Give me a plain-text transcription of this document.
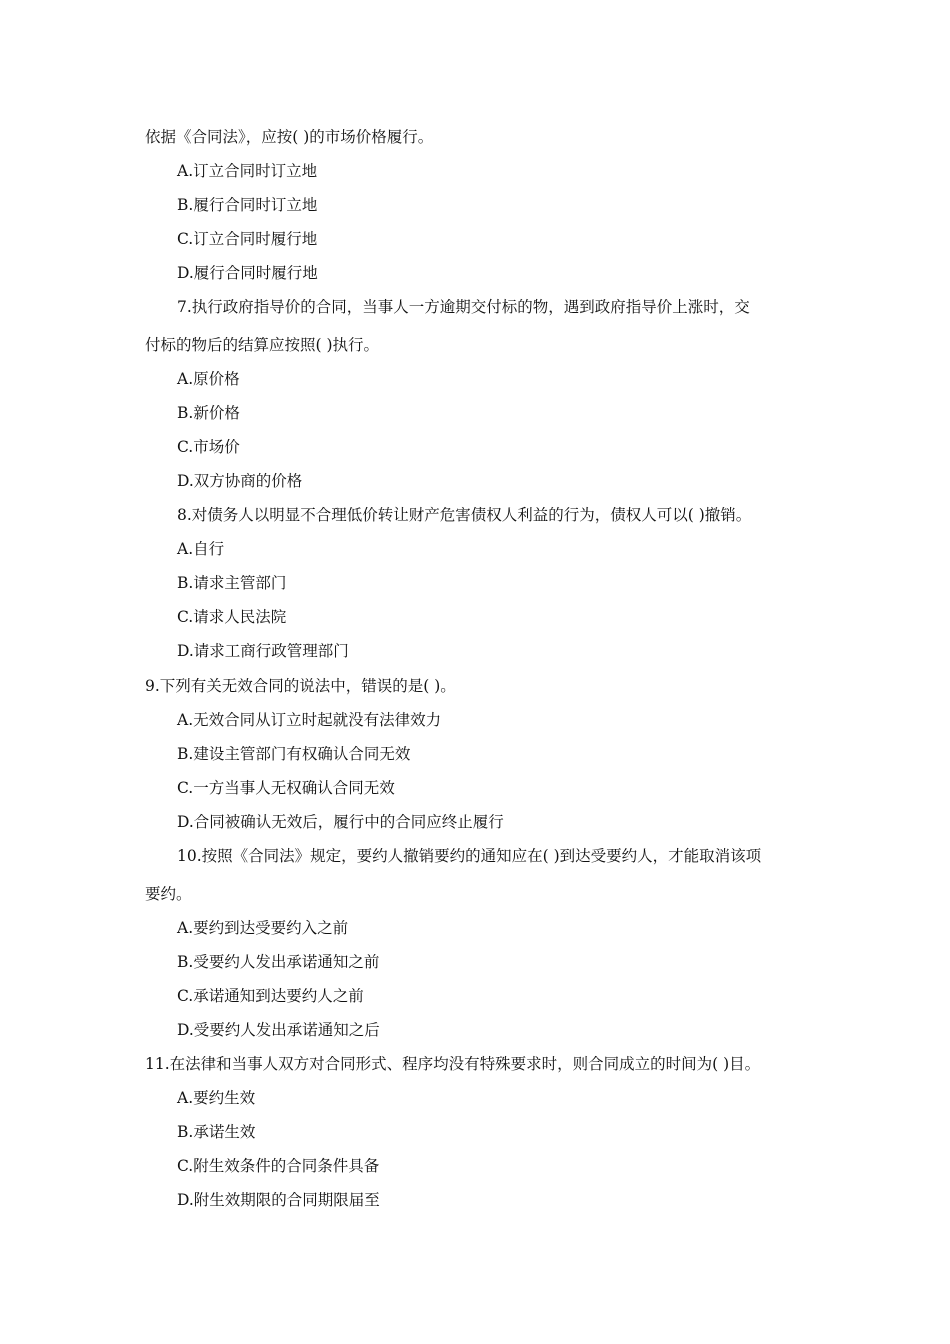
依据《合同法》，应按( )的市场价格履行。
A.订立合同时订立地
B.履行合同时订立地
C.订立合同时履行地
D.履行合同时履行地
7.执行政府指导价的合同，当事人一方逾期交付标的物，遇到政府指导价上涨时，交
付标的物后的结算应按照( )执行。
A.原价格
B.新价格
C.市场价
D.双方协商的价格
8.对债务人以明显不合理低价转让财产危害债权人利益的行为，债权人可以( )撤销。
A.自行
B.请求主管部门
C.请求人民法院
D.请求工商行政管理部门
9.下列有关无效合同的说法中，错误的是( )。
A.无效合同从订立时起就没有法律效力
B.建设主管部门有权确认合同无效
C.一方当事人无权确认合同无效
D.合同被确认无效后，履行中的合同应终止履行
10.按照《合同法》规定，要约人撤销要约的通知应在( )到达受要约人，才能取消该项
要约。
A.要约到达受要约入之前
B.受要约人发出承诺通知之前
C.承诺通知到达要约人之前
D.受要约人发出承诺通知之后
11.在法律和当事人双方对合同形式、程序均没有特殊要求时，则合同成立的时间为( )目。
A.要约生效
B.承诺生效
C.附生效条件的合同条件具备
D.附生效期限的合同期限届至
